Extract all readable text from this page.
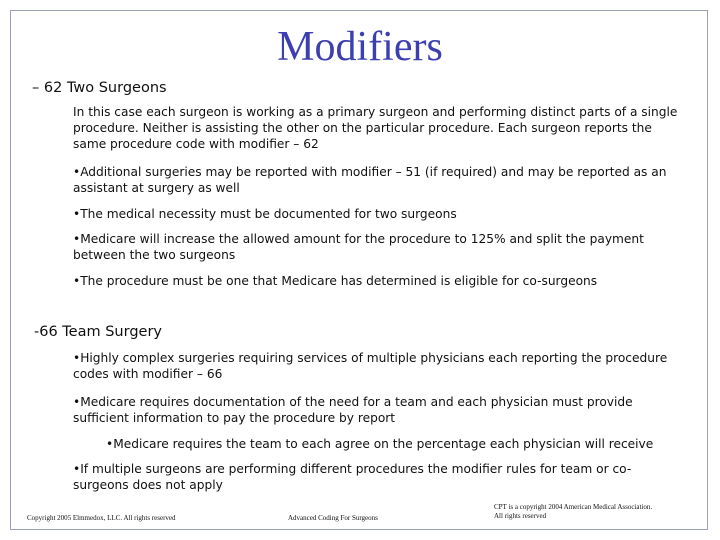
Modifiers
– 62 Two Surgeons
In this case each surgeon is working as a primary surgeon and performing distinct parts of a single procedure. Neither is assisting the other on the particular procedure. Each surgeon reports the same procedure code with modifier – 62
•Additional surgeries may be reported with modifier – 51 (if required) and may be reported as an assistant at surgery as well
•The medical necessity must be documented for two surgeons
•Medicare will increase the allowed amount for the procedure to 125% and split the payment between the two surgeons
•The procedure must be one that Medicare has determined is eligible for co-surgeons
-66 Team Surgery
•Highly complex surgeries requiring services of multiple physicians each reporting the procedure codes with modifier – 66
•Medicare requires documentation of the need for a team and each physician must provide sufficient information to pay the procedure by report
•Medicare requires the team to each agree on the percentage each physician will receive
•If multiple surgeons are performing different procedures the modifier rules for team or co-surgeons does not apply
Copyright 2005 Elmmedox, LLC. All rights reserved	Advanced Coding For Surgeons
CPT is a copyright 2004 American Medical Association.
All rights reserved
